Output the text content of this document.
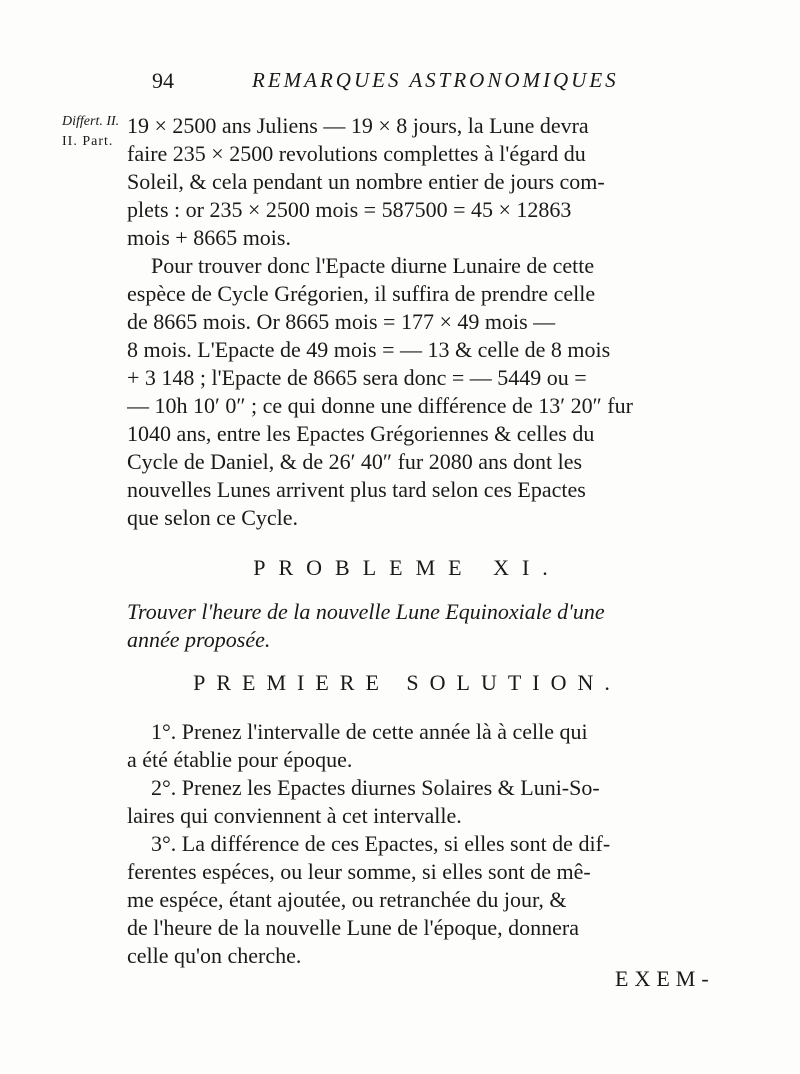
94	REMARQUES ASTRONOMIQUES
Differt. II.
II. Part.
19 × 2500 ans Juliens — 19 × 8 jours, la Lune devra
faire 235 × 2500 revolutions complettes à l'égard du
Soleil, & cela pendant un nombre entier de jours com-
plets : or 235 × 2500 mois = 587500 = 45 × 12863
mois + 8665 mois.
Pour trouver donc l'Epacte diurne Lunaire de cette
espèce de Cycle Grégorien, il suffira de prendre celle
de 8665 mois. Or 8665 mois = 177 × 49 mois —
8 mois. L'Epacte de 49 mois = — 13 & celle de 8 mois
+ 3 148 ; l'Epacte de 8665 sera donc = — 5449 ou =
— 10h 10′ 0″ ; ce qui donne une différence de 13′ 20″ fur
1040 ans, entre les Epactes Grégoriennes & celles du
Cycle de Daniel, & de 26′ 40″ fur 2080 ans dont les
nouvelles Lunes arrivent plus tard selon ces Epactes
que selon ce Cycle.
PROBLEME XI.
Trouver l'heure de la nouvelle Lune Equinoxiale d'une
année proposée.
PREMIERE SOLUTION.
1°. Prenez l'intervalle de cette année là à celle qui
a été établie pour époque.
2°. Prenez les Epactes diurnes Solaires & Luni-So-
laires qui conviennent à cet intervalle.
3°. La différence de ces Epactes, si elles sont de dif-
ferentes espéces, ou leur somme, si elles sont de mê-
me espéce, étant ajoutée, ou retranchée du jour, &
de l'heure de la nouvelle Lune de l'époque, donnera
celle qu'on cherche.
EXEM-
